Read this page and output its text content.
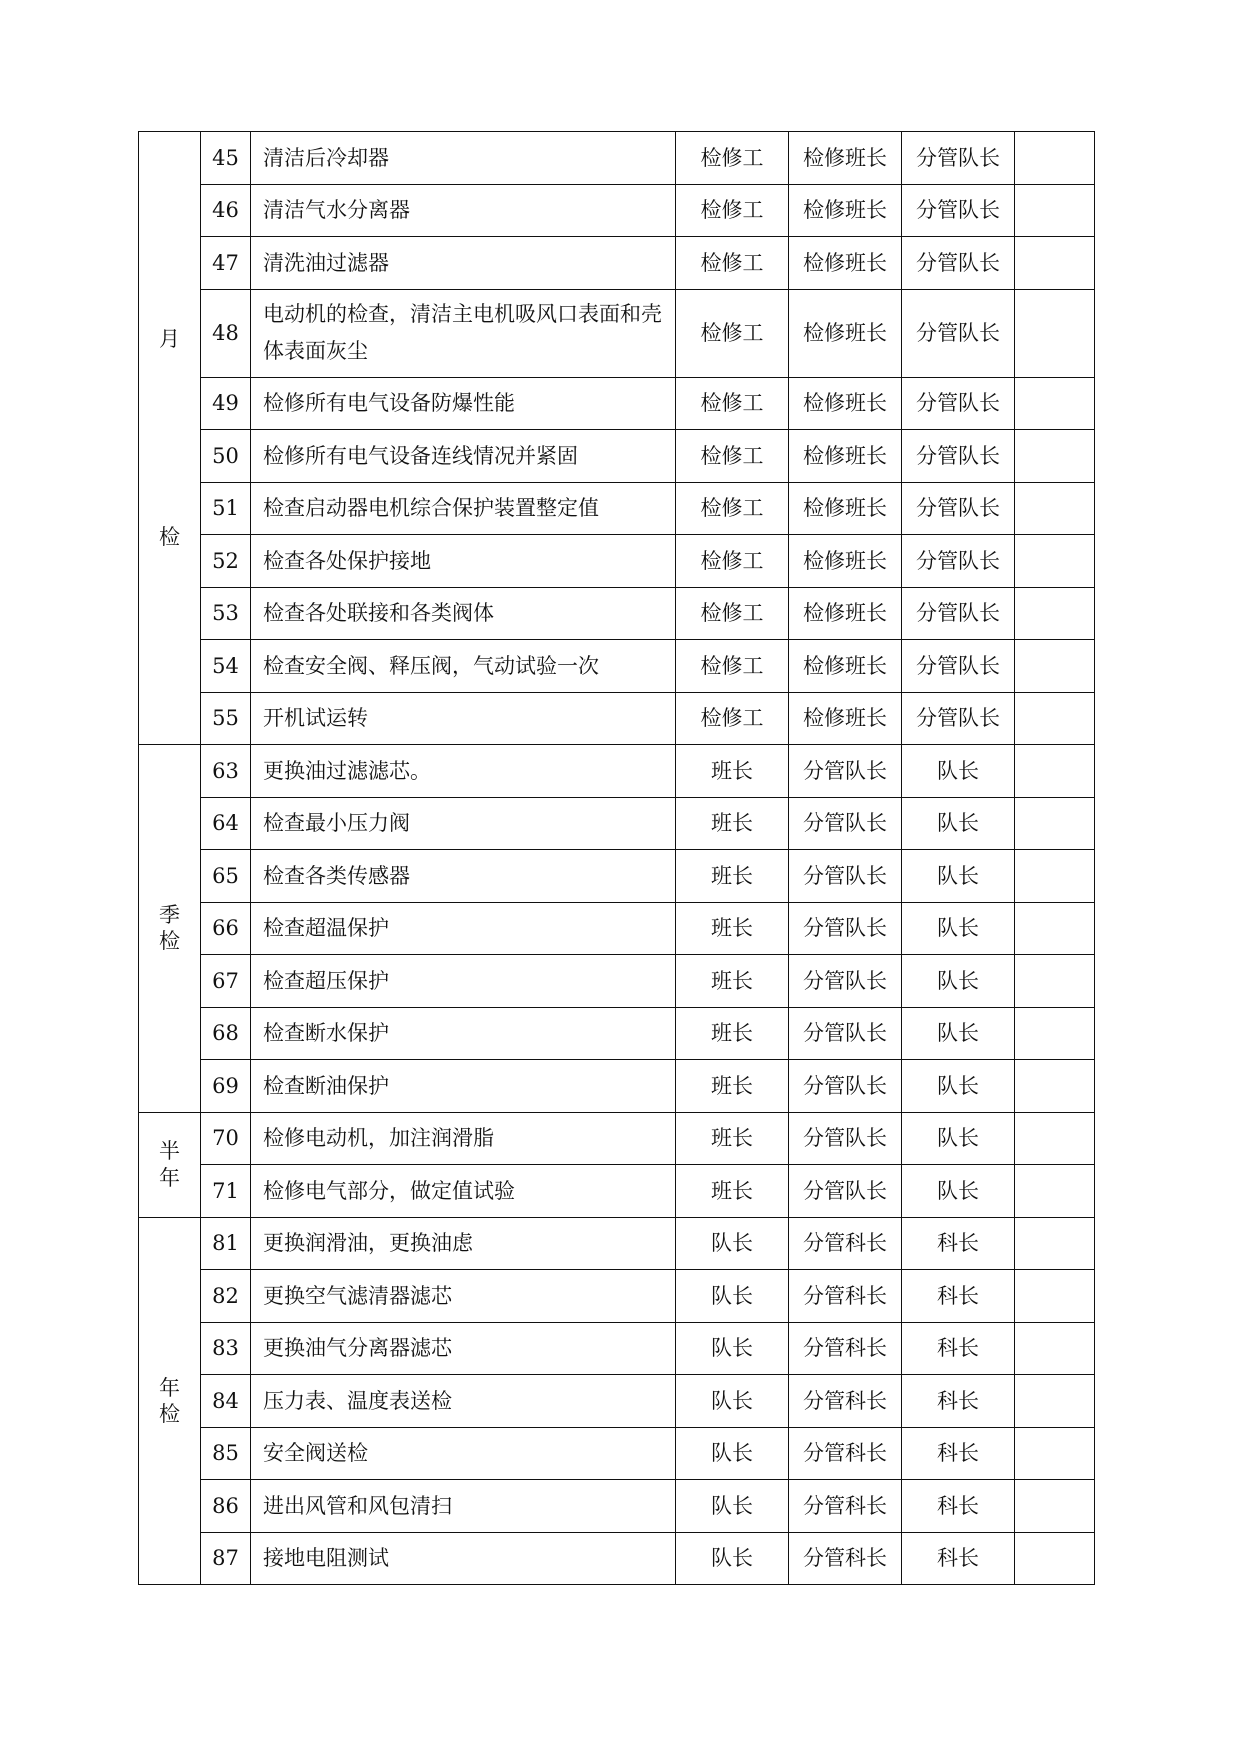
月
检	45	清洁后冷却器	检修工	检修班长	分管队长	
	46	清洁气水分离器	检修工	检修班长	分管队长	
	47	清洗油过滤器	检修工	检修班长	分管队长	
	48	电动机的检查，清洁主电机吸风口表面和壳体表面灰尘	检修工	检修班长	分管队长	
	49	检修所有电气设备防爆性能	检修工	检修班长	分管队长	
	50	检修所有电气设备连线情况并紧固	检修工	检修班长	分管队长	
	51	检查启动器电机综合保护装置整定值	检修工	检修班长	分管队长	
	52	检查各处保护接地	检修工	检修班长	分管队长	
	53	检查各处联接和各类阀体	检修工	检修班长	分管队长	
	54	检查安全阀、释压阀，气动试验一次	检修工	检修班长	分管队长	
	55	开机试运转	检修工	检修班长	分管队长	

季
检	63	更换油过滤滤芯。	班长	分管队长	队长	
	64	检查最小压力阀	班长	分管队长	队长	
	65	检查各类传感器	班长	分管队长	队长	
	66	检查超温保护	班长	分管队长	队长	
	67	检查超压保护	班长	分管队长	队长	
	68	检查断水保护	班长	分管队长	队长	
	69	检查断油保护	班长	分管队长	队长	

半
年	70	检修电动机，加注润滑脂	班长	分管队长	队长	
	71	检修电气部分，做定值试验	班长	分管队长	队长	

年
检	81	更换润滑油，更换油虑	队长	分管科长	科长	
	82	更换空气滤清器滤芯	队长	分管科长	科长	
	83	更换油气分离器滤芯	队长	分管科长	科长	
	84	压力表、温度表送检	队长	分管科长	科长	
	85	安全阀送检	队长	分管科长	科长	
	86	进出风管和风包清扫	队长	分管科长	科长	
	87	接地电阻测试	队长	分管科长	科长	
